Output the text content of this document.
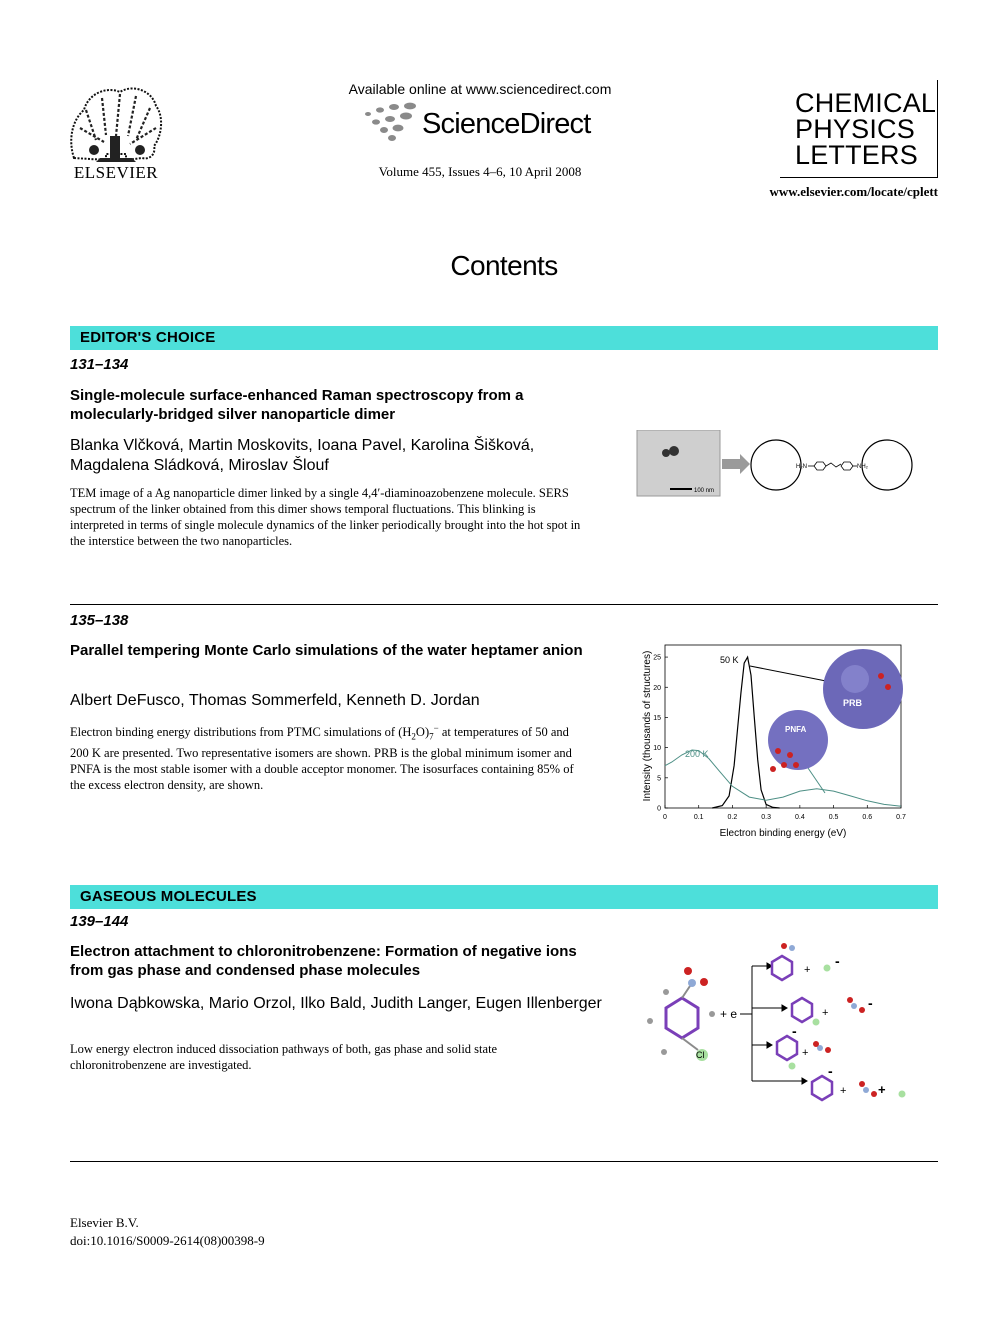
ELSEVIER
Available online at www.sciencedirect.com
ScienceDirect
Volume 455, Issues 4–6, 10 April 2008
CHEMICAL
PHYSICS
LETTERS
www.elsevier.com/locate/cplett
Contents
EDITOR'S CHOICE
131–134
Single-molecule surface-enhanced Raman spectroscopy from a molecularly-bridged silver nanoparticle dimer
Blanka Vlčková, Martin Moskovits, Ioana Pavel, Karolina Šišková, Magdalena Sládková, Miroslav Šlouf
TEM image of a Ag nanoparticle dimer linked by a single 4,4′-diaminoazobenzene molecule. SERS spectrum of the linker obtained from this dimer shows temporal fluctuations. This blinking is interpreted in terms of single molecule dynamics of the linker periodically brought into the hot spot in the interstice between the two nanoparticles.
100 nm
H₂N	NH₂
135–138
Parallel tempering Monte Carlo simulations of the water heptamer anion
Albert DeFusco, Thomas Sommerfeld, Kenneth D. Jordan
Electron binding energy distributions from PTMC simulations of $(H_2O)_7^-$ at temperatures of 50 and 200 K are presented. Two representative isomers are shown. PRB is the global minimum isomer and PNFA is the most stable isomer with a double acceptor monomer. The isosurfaces containing 85% of the excess electron density, are shown.
0	0.1	0.2	0.3	0.4	0.5	0.6	0.7
0
5
10
15
20
25	50 K
200 K
PRB
PNFA
Electron binding energy (eV)
Intensity (thousands of structures)
GASEOUS MOLECULES
139–144
Electron attachment to chloronitrobenzene: Formation of negative ions from gas phase and condensed phase molecules
Iwona Dąbkowska, Mario Orzol, Ilko Bald, Judith Langer, Eugen Illenberger
Low energy electron induced dissociation pathways of both, gas phase and solid state chloronitrobenzene are investigated.
Cl
+ e
+
-
+
-
-
+
-
+ +
Elsevier B.V.
doi:10.1016/S0009-2614(08)00398-9
